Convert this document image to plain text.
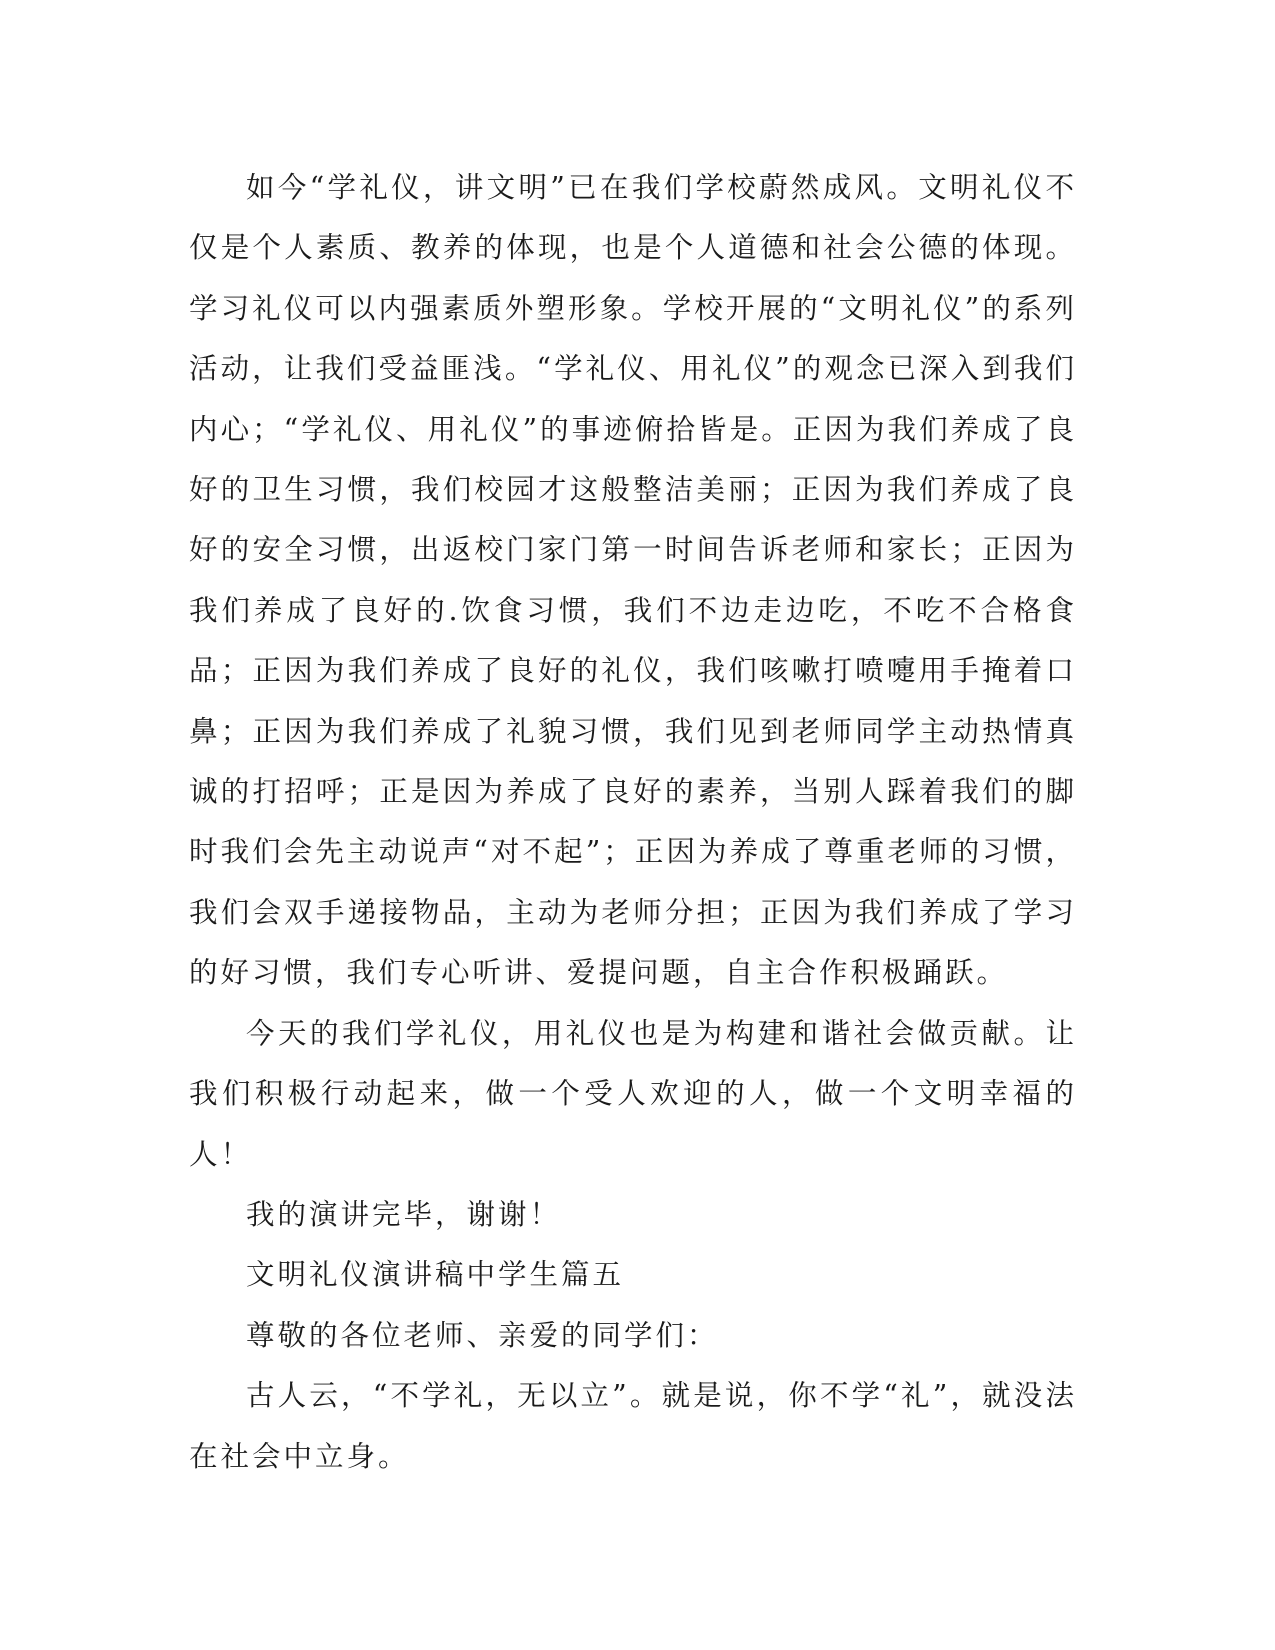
如今“学礼仪，讲文明”已在我们学校蔚然成风。文明礼仪不仅是个人素质、教养的体现，也是个人道德和社会公德的体现。学习礼仪可以内强素质外塑形象。学校开展的“文明礼仪”的系列活动，让我们受益匪浅。“学礼仪、用礼仪”的观念已深入到我们内心；“学礼仪、用礼仪”的事迹俯拾皆是。正因为我们养成了良好的卫生习惯，我们校园才这般整洁美丽；正因为我们养成了良好的安全习惯，出返校门家门第一时间告诉老师和家长；正因为我们养成了良好的.饮食习惯，我们不边走边吃，不吃不合格食品；正因为我们养成了良好的礼仪，我们咳嗽打喷嚏用手掩着口鼻；正因为我们养成了礼貌习惯，我们见到老师同学主动热情真诚的打招呼；正是因为养成了良好的素养，当别人踩着我们的脚时我们会先主动说声“对不起”；正因为养成了尊重老师的习惯，我们会双手递接物品，主动为老师分担；正因为我们养成了学习的好习惯，我们专心听讲、爱提问题，自主合作积极踊跃。

今天的我们学礼仪，用礼仪也是为构建和谐社会做贡献。让我们积极行动起来，做一个受人欢迎的人，做一个文明幸福的人！

我的演讲完毕，谢谢！

文明礼仪演讲稿中学生篇五

尊敬的各位老师、亲爱的同学们：

古人云，“不学礼，无以立”。就是说，你不学“礼”，就没法在社会中立身。
